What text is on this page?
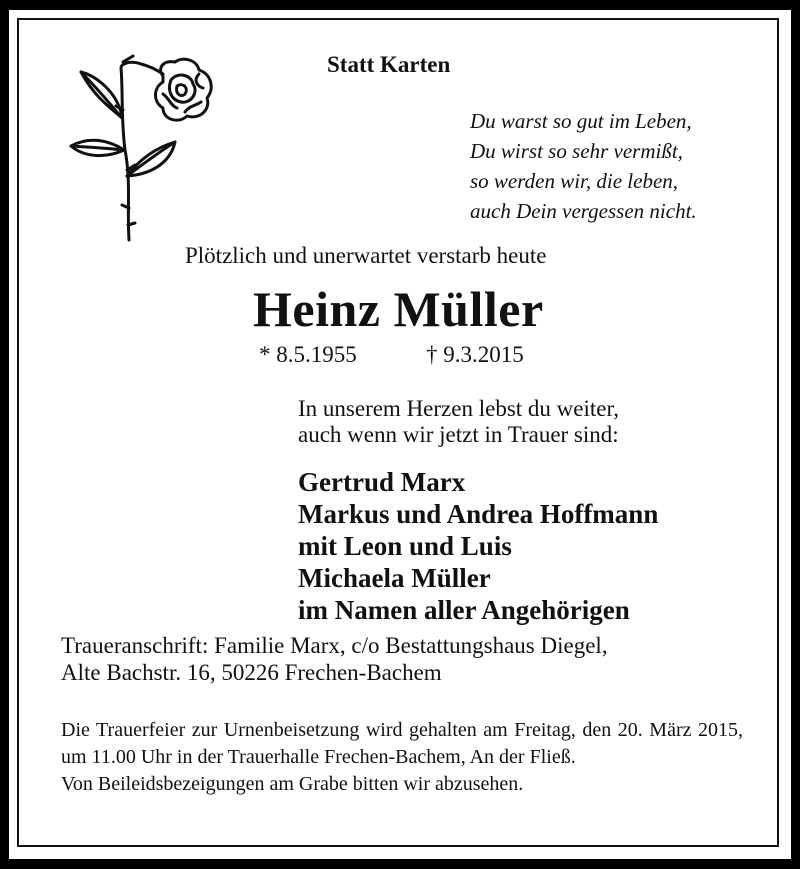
Statt Karten
Du warst so gut im Leben,
Du wirst so sehr vermißt,
so werden wir, die leben,
auch Dein vergessen nicht.
Plötzlich und unerwartet verstarb heute
Heinz Müller
* 8.5.1955	† 9.3.2015
In unserem Herzen lebst du weiter,
auch wenn wir jetzt in Trauer sind:
Gertrud Marx
Markus und Andrea Hoffmann
mit Leon und Luis
Michaela Müller
im Namen aller Angehörigen
Traueranschrift: Familie Marx, c/o Bestattungshaus Diegel,
Alte Bachstr. 16, 50226 Frechen-Bachem
Die Trauerfeier zur Urnenbeisetzung wird gehalten am Freitag, den 20. März 2015, um 11.00 Uhr in der Trauerhalle Frechen-Bachem, An der Fließ.
Von Beileidsbezeigungen am Grabe bitten wir abzusehen.
